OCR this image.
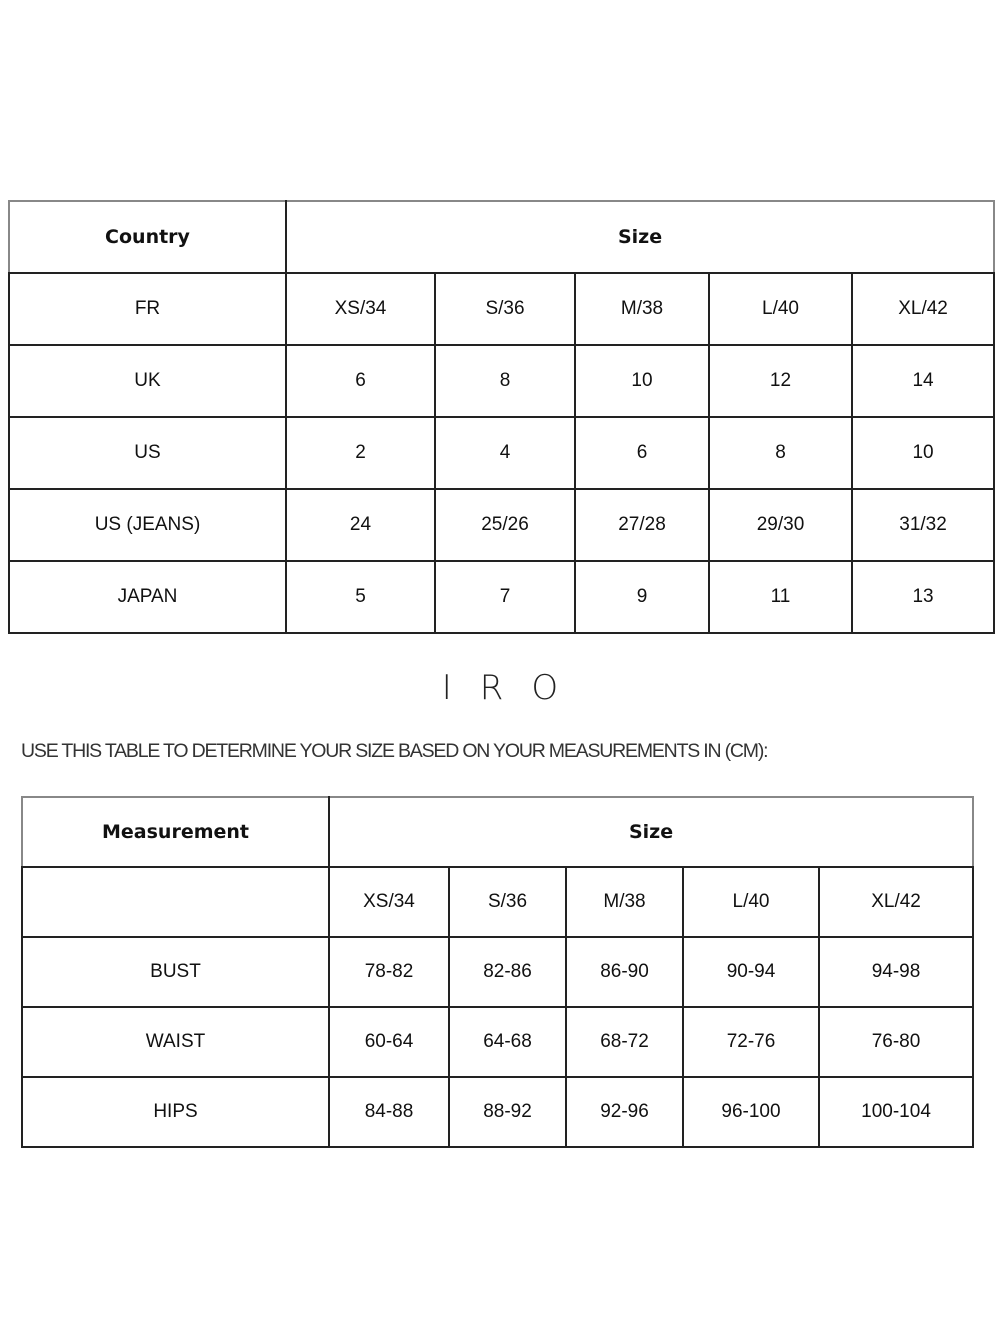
Country	Size				
FR	XS/34	S/36	M/38	L/40	XL/42
UK	6	8	10	12	14
US	2	4	6	8	10
US (JEANS)	24	25/26	27/28	29/30	31/32
JAPAN	5	7	9	11	13
IRO
USE THIS TABLE TO DETERMINE YOUR SIZE BASED ON YOUR MEASUREMENTS IN (CM):
Measurement	Size				
	XS/34	S/36	M/38	L/40	XL/42
BUST	78-82	82-86	86-90	90-94	94-98
WAIST	60-64	64-68	68-72	72-76	76-80
HIPS	84-88	88-92	92-96	96-100	100-104
